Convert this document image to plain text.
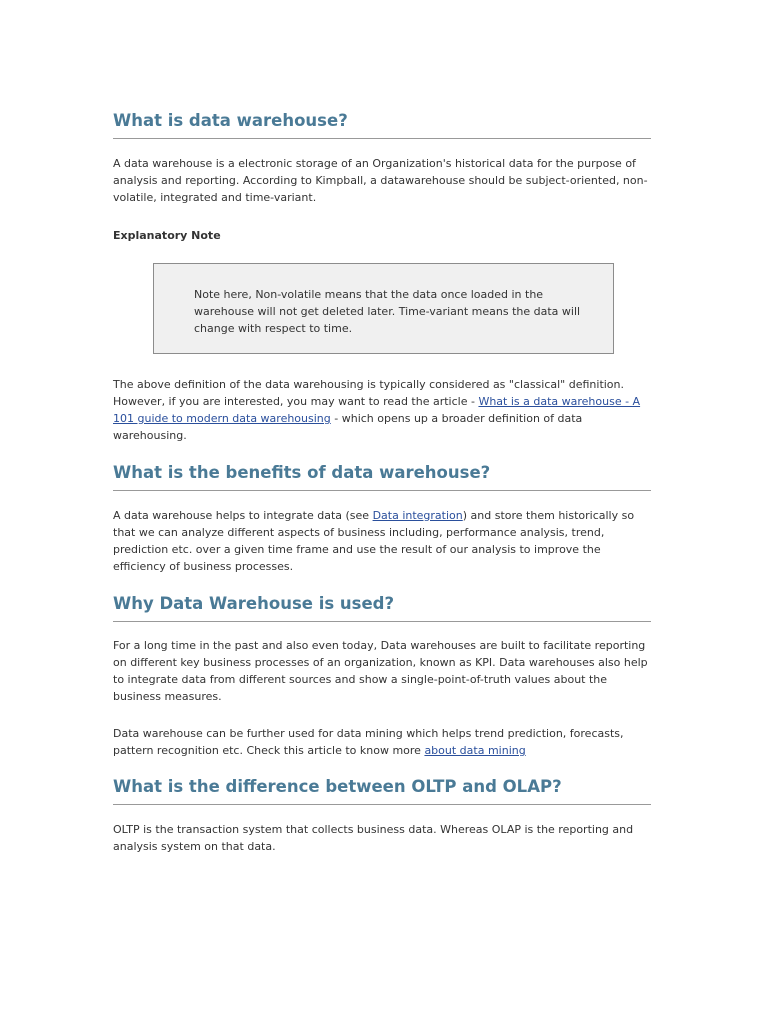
What is data warehouse?

A data warehouse is a electronic storage of an Organization's historical data for the purpose of analysis and reporting. According to Kimpball, a datawarehouse should be subject-oriented, non-volatile, integrated and time-variant.

Explanatory Note

Note here, Non-volatile means that the data once loaded in the warehouse will not get deleted later. Time-variant means the data will change with respect to time.

The above definition of the data warehousing is typically considered as "classical" definition. However, if you are interested, you may want to read the article - What is a data warehouse - A 101 guide to modern data warehousing - which opens up a broader definition of data warehousing.

What is the benefits of data warehouse?

A data warehouse helps to integrate data (see Data integration) and store them historically so that we can analyze different aspects of business including, performance analysis, trend, prediction etc. over a given time frame and use the result of our analysis to improve the efficiency of business processes.

Why Data Warehouse is used?

For a long time in the past and also even today, Data warehouses are built to facilitate reporting on different key business processes of an organization, known as KPI. Data warehouses also help to integrate data from different sources and show a single-point-of-truth values about the business measures.

Data warehouse can be further used for data mining which helps trend prediction, forecasts, pattern recognition etc. Check this article to know more about data mining

What is the difference between OLTP and OLAP?

OLTP is the transaction system that collects business data. Whereas OLAP is the reporting and analysis system on that data.
